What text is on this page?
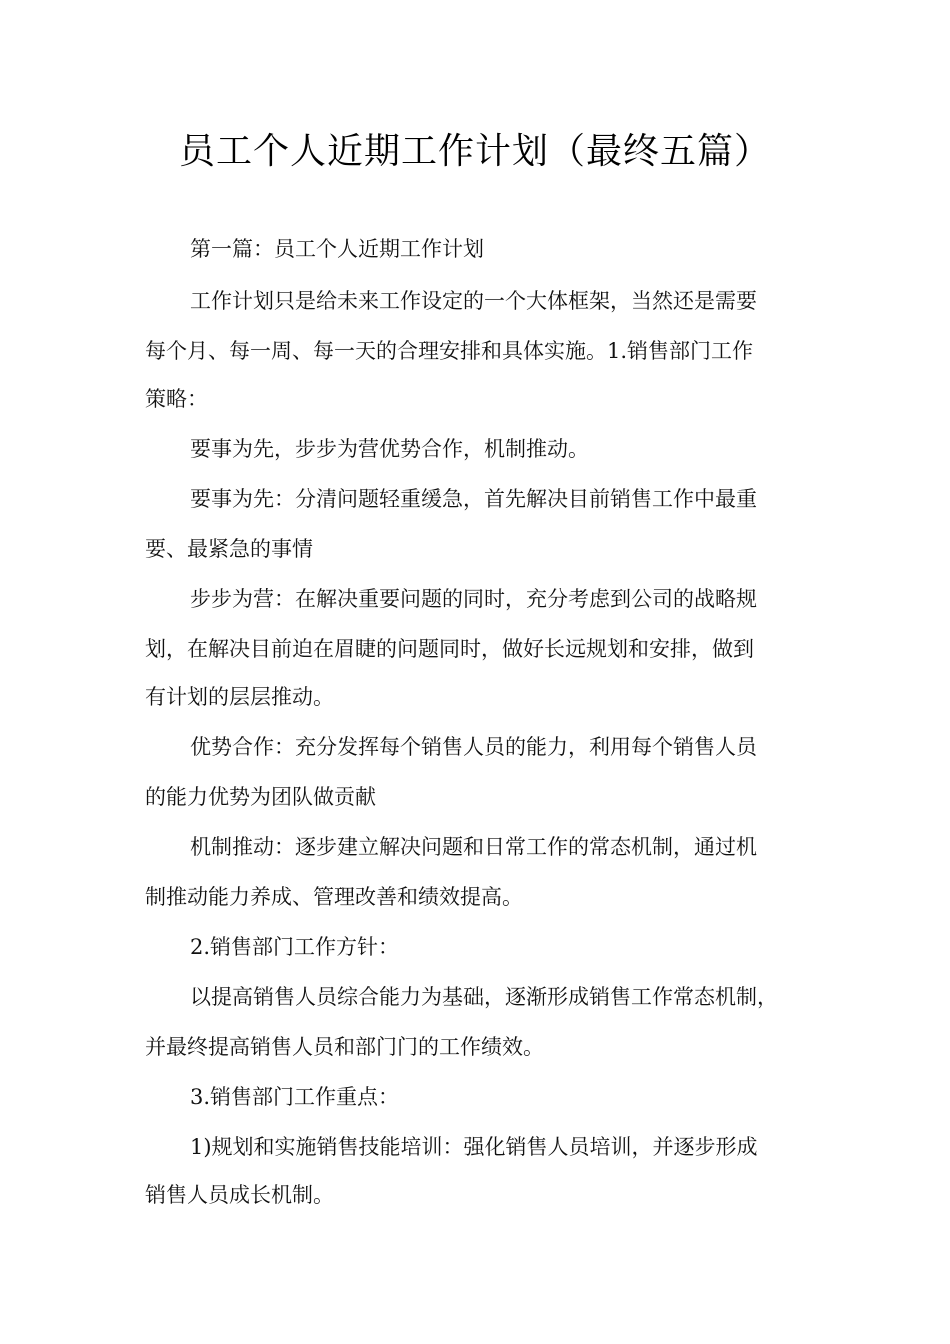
员工个人近期工作计划（最终五篇）
第一篇：员工个人近期工作计划
工作计划只是给未来工作设定的一个大体框架，当然还是需要
每个月、每一周、每一天的合理安排和具体实施。1.销售部门工作
策略：
要事为先，步步为营优势合作，机制推动。
要事为先：分清问题轻重缓急，首先解决目前销售工作中最重
要、最紧急的事情
步步为营：在解决重要问题的同时，充分考虑到公司的战略规
划，在解决目前迫在眉睫的问题同时，做好长远规划和安排，做到
有计划的层层推动。
优势合作：充分发挥每个销售人员的能力，利用每个销售人员
的能力优势为团队做贡献
机制推动：逐步建立解决问题和日常工作的常态机制，通过机
制推动能力养成、管理改善和绩效提高。
2.销售部门工作方针：
以提高销售人员综合能力为基础，逐渐形成销售工作常态机制，
并最终提高销售人员和部门门的工作绩效。
3.销售部门工作重点：
1)规划和实施销售技能培训：强化销售人员培训，并逐步形成
销售人员成长机制。
